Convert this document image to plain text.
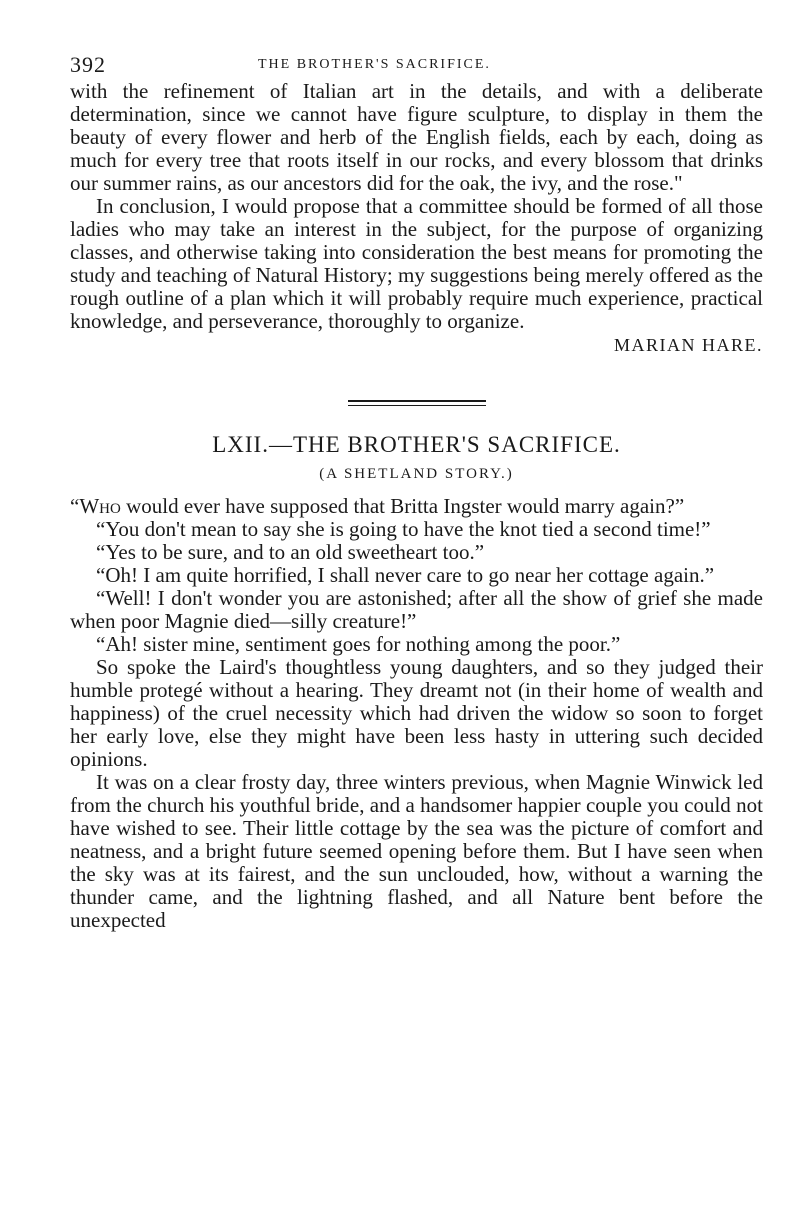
392	THE BROTHER'S SACRIFICE.

with the refinement of Italian art in the details, and with a deliberate determination, since we cannot have figure sculpture, to display in them the beauty of every flower and herb of the English fields, each by each, doing as much for every tree that roots itself in our rocks, and every blossom that drinks our summer rains, as our ancestors did for the oak, the ivy, and the rose."

In conclusion, I would propose that a committee should be formed of all those ladies who may take an interest in the subject, for the purpose of organizing classes, and otherwise taking into consideration the best means for promoting the study and teaching of Natural History; my suggestions being merely offered as the rough outline of a plan which it will probably require much experience, practical knowledge, and perseverance, thoroughly to organize.

MARIAN HARE.
LXII.—THE BROTHER'S SACRIFICE.
(A SHETLAND STORY.)

“Who would ever have supposed that Britta Ingster would marry again?”

“You don't mean to say she is going to have the knot tied a second time!”

“Yes to be sure, and to an old sweetheart too.”

“Oh! I am quite horrified, I shall never care to go near her cottage again.”

“Well! I don't wonder you are astonished; after all the show of grief she made when poor Magnie died—silly creature!”

“Ah! sister mine, sentiment goes for nothing among the poor.”

So spoke the Laird's thoughtless young daughters, and so they judged their humble protegé without a hearing. They dreamt not (in their home of wealth and happiness) of the cruel necessity which had driven the widow so soon to forget her early love, else they might have been less hasty in uttering such decided opinions.

It was on a clear frosty day, three winters previous, when Magnie Winwick led from the church his youthful bride, and a handsomer happier couple you could not have wished to see. Their little cottage by the sea was the picture of comfort and neatness, and a bright future seemed opening before them. But I have seen when the sky was at its fairest, and the sun unclouded, how, without a warning the thunder came, and the lightning flashed, and all Nature bent before the unexpected
